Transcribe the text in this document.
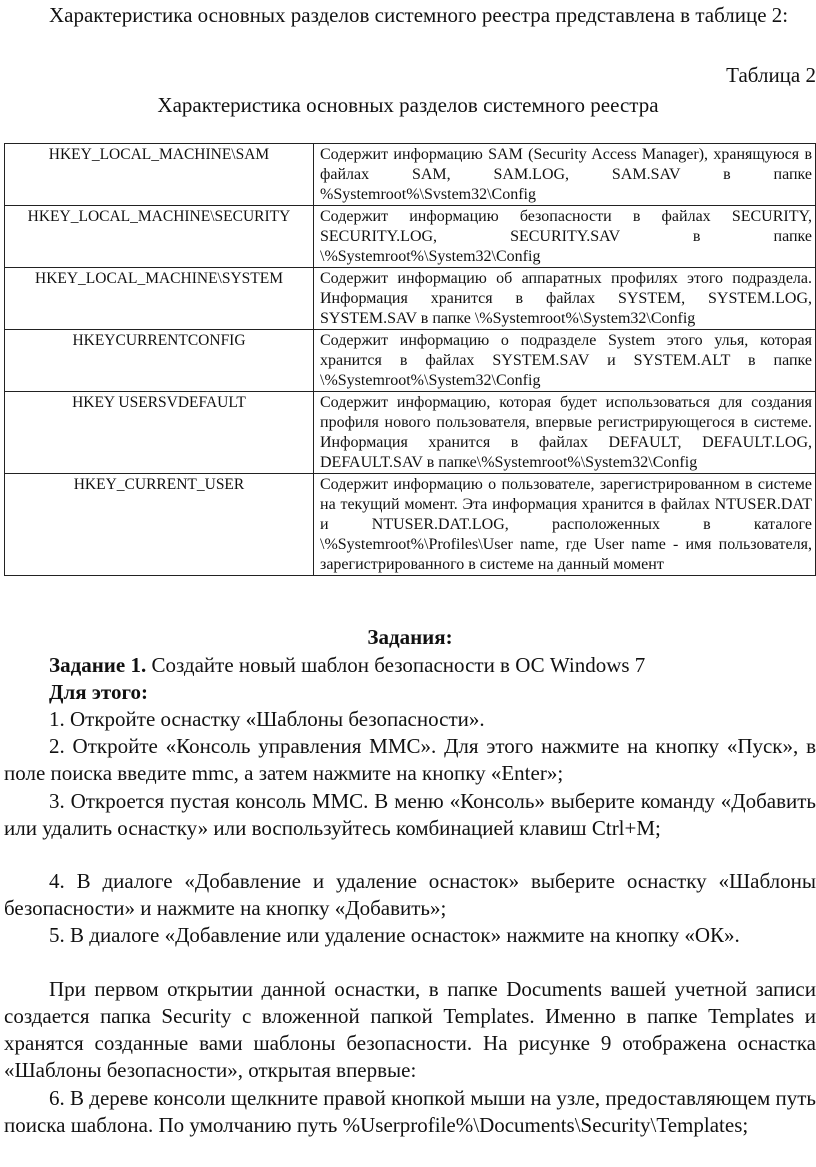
Характеристика основных разделов системного реестра представлена в таблице 2:

Таблица 2

Характеристика основных разделов системного реестра

HKEY_LOCAL_MACHINE\SAM	Содержит информацию SAM (Security Access Manager), хранящуюся в файлах SAM, SAM.LOG, SAM.SAV в папке %Systemroot%\Svstem32\Config
HKEY_LOCAL_MACHINE\SECURITY	Содержит информацию безопасности в файлах SECURITY, SECURITY.LOG, SECURITY.SAV в папке \%Systemroot%\System32\Config
HKEY_LOCAL_MACHINE\SYSTEM	Содержит информацию об аппаратных профилях этого подраздела. Информация хранится в файлах SYSTEM, SYSTEM.LOG, SYSTEM.SAV в папке \%Systemroot%\System32\Config
HKEYCURRENTCONFIG	Содержит информацию о подразделе System этого улья, которая хранится в файлах SYSTEM.SAV и SYSTEM.ALT в папке \%Systemroot%\System32\Config
HKEY USERSVDEFAULT	Содержит информацию, которая будет использоваться для создания профиля нового пользователя, впервые регистрирующегося в системе. Информация хранится в файлах DEFAULT, DEFAULT.LOG, DEFAULT.SAV в папке\%Systemroot%\System32\Config
HKEY_CURRENT_USER	Содержит информацию о пользователе, зарегистрированном в системе на текущий момент. Эта информация хранится в файлах NTUSER.DAT и NTUSER.DAT.LOG, расположенных в каталоге \%Systemroot%\Profiles\User name, где User name - имя пользователя, зарегистрированного в системе на данный момент

Задания:

Задание 1. Создайте новый шаблон безопасности в ОС Windows 7

Для этого:

1. Откройте оснастку «Шаблоны безопасности».

2. Откройте «Консоль управления ММС». Для этого нажмите на кнопку «Пуск», в поле поиска введите mmc, а затем нажмите на кнопку «Enter»;

3. Откроется пустая консоль ММС. В меню «Консоль» выберите команду «Добавить или удалить оснастку» или воспользуйтесь комбинацией клавиш Ctrl+M;

4. В диалоге «Добавление и удаление оснасток» выберите оснастку «Шаблоны безопасности» и нажмите на кнопку «Добавить»;

5. В диалоге «Добавление или удаление оснасток» нажмите на кнопку «ОК».

При первом открытии данной оснастки, в папке Documents вашей учетной записи создается папка Security с вложенной папкой Templates. Именно в папке Templates и хранятся созданные вами шаблоны безопасности. На рисунке 9 отображена оснастка «Шаблоны безопасности», открытая впервые:

6. В дереве консоли щелкните правой кнопкой мыши на узле, предоставляющем путь поиска шаблона. По умолчанию путь %Userprofile%\Documents\Security\Templates;
